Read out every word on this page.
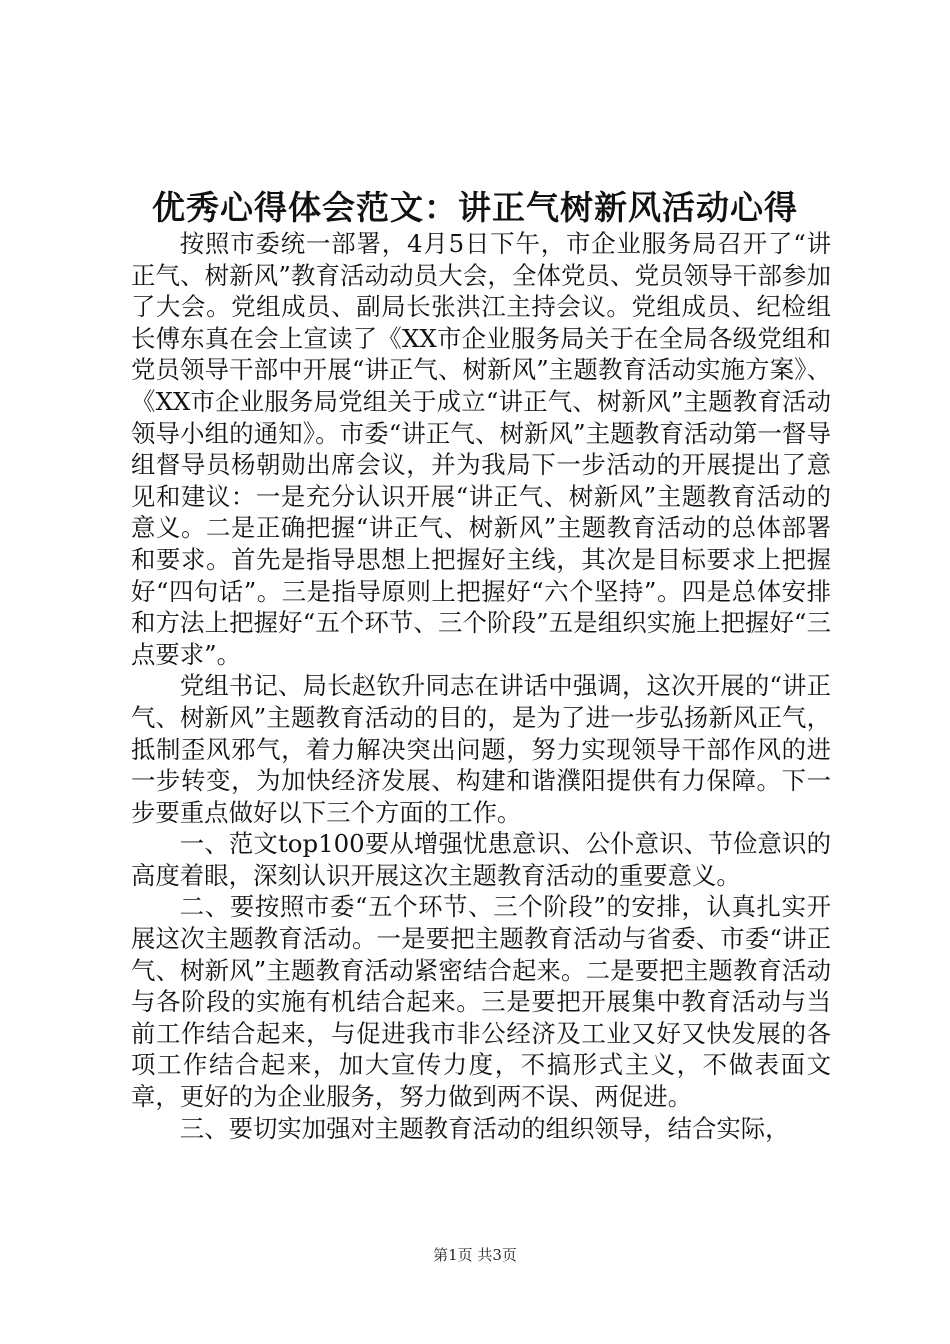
优秀心得体会范文：讲正气树新风活动心得

按照市委统一部署，4月5日下午，市企业服务局召开了“讲正气、树新风”教育活动动员大会，全体党员、党员领导干部参加了大会。党组成员、副局长张洪江主持会议。党组成员、纪检组长傅东真在会上宣读了《XX市企业服务局关于在全局各级党组和党员领导干部中开展“讲正气、树新风”主题教育活动实施方案》、《XX市企业服务局党组关于成立“讲正气、树新风”主题教育活动领导小组的通知》。市委“讲正气、树新风”主题教育活动第一督导组督导员杨朝勋出席会议，并为我局下一步活动的开展提出了意见和建议：一是充分认识开展“讲正气、树新风”主题教育活动的意义。二是正确把握“讲正气、树新风”主题教育活动的总体部署和要求。首先是指导思想上把握好主线，其次是目标要求上把握好“四句话”。三是指导原则上把握好“六个坚持”。四是总体安排和方法上把握好“五个环节、三个阶段”五是组织实施上把握好“三点要求”。

党组书记、局长赵钦升同志在讲话中强调，这次开展的“讲正气、树新风”主题教育活动的目的，是为了进一步弘扬新风正气，抵制歪风邪气，着力解决突出问题，努力实现领导干部作风的进一步转变，为加快经济发展、构建和谐濮阳提供有力保障。下一步要重点做好以下三个方面的工作。

一、范文top100要从增强忧患意识、公仆意识、节俭意识的高度着眼，深刻认识开展这次主题教育活动的重要意义。

二、要按照市委“五个环节、三个阶段”的安排，认真扎实开展这次主题教育活动。一是要把主题教育活动与省委、市委“讲正气、树新风”主题教育活动紧密结合起来。二是要把主题教育活动与各阶段的实施有机结合起来。三是要把开展集中教育活动与当前工作结合起来，与促进我市非公经济及工业又好又快发展的各项工作结合起来，加大宣传力度，不搞形式主义，不做表面文章，更好的为企业服务，努力做到两不误、两促进。

三、要切实加强对主题教育活动的组织领导，结合实际，

第1页 共3页
